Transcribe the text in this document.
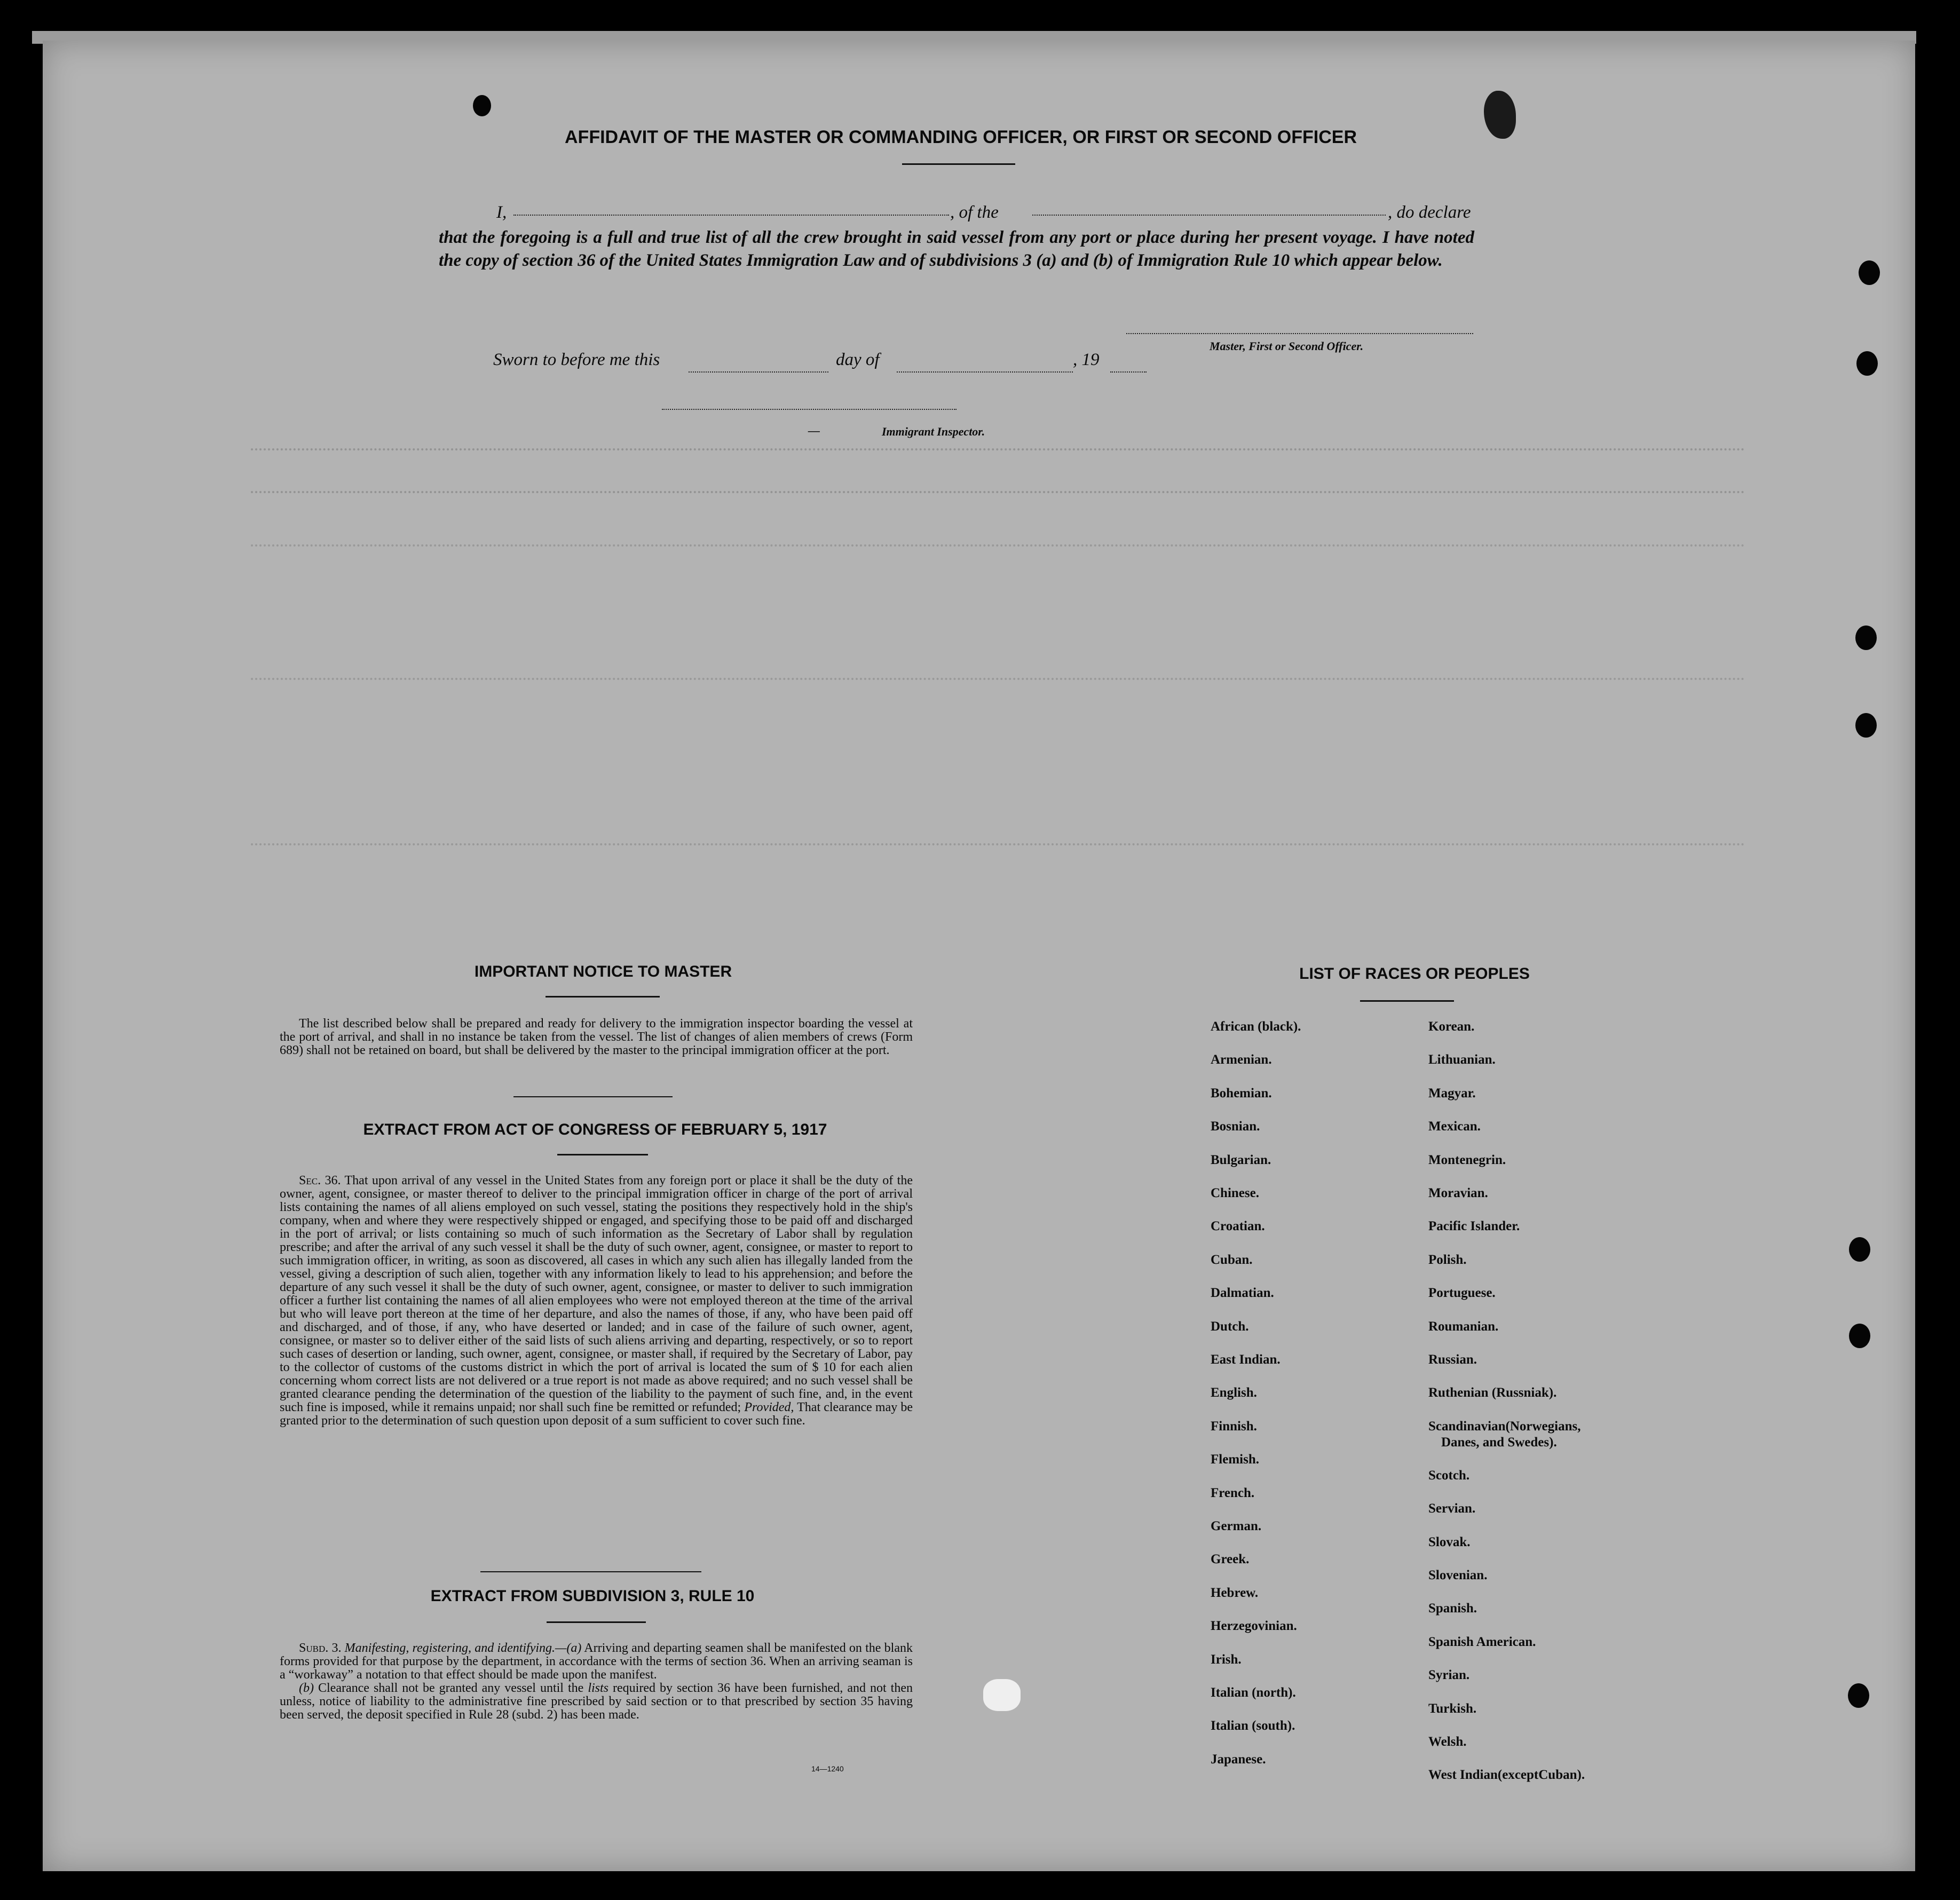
AFFIDAVIT OF THE MASTER OR COMMANDING OFFICER, OR FIRST OR SECOND OFFICER
I,	, of the	, do declare
that the foregoing is a full and true list of all the crew brought in said vessel from any port or place during her present voyage. I have noted the copy of section 36 of the United States Immigration Law and of subdivisions 3 (a) and (b) of Immigration Rule 10 which appear below.
Master, First or Second Officer.
Sworn to before me this	day of	, 19
—	Immigrant Inspector.
IMPORTANT NOTICE TO MASTER
The list described below shall be prepared and ready for delivery to the immigration inspector boarding the vessel at the port of arrival, and shall in no instance be taken from the vessel. The list of changes of alien members of crews (Form 689) shall not be retained on board, but shall be delivered by the master to the principal immigration officer at the port.
EXTRACT FROM ACT OF CONGRESS OF FEBRUARY 5, 1917

Sec. 36. That upon arrival of any vessel in the United States from any foreign port or place it shall be the duty of the owner, agent, consignee, or master thereof to deliver to the principal immigration officer in charge of the port of arrival lists containing the names of all aliens employed on such vessel, stating the positions they respectively hold in the ship's company, when and where they were respectively shipped or engaged, and specifying those to be paid off and discharged in the port of arrival; or lists containing so much of such information as the Secretary of Labor shall by regulation prescribe; and after the arrival of any such vessel it shall be the duty of such owner, agent, consignee, or master to report to such immigration officer, in writing, as soon as discovered, all cases in which any such alien has illegally landed from the vessel, giving a description of such alien, together with any information likely to lead to his apprehension; and before the departure of any such vessel it shall be the duty of such owner, agent, consignee, or master to deliver to such immigration officer a further list containing the names of all alien employees who were not employed thereon at the time of the arrival but who will leave port thereon at the time of her departure, and also the names of those, if any, who have been paid off and discharged, and of those, if any, who have deserted or landed; and in case of the failure of such owner, agent, consignee, or master so to deliver either of the said lists of such aliens arriving and departing, respectively, or so to report such cases of desertion or landing, such owner, agent, consignee, or master shall, if required by the Secretary of Labor, pay to the collector of customs of the customs district in which the port of arrival is located the sum of $ 10 for each alien concerning whom correct lists are not delivered or a true report is not made as above required; and no such vessel shall be granted clearance pending the determination of the question of the liability to the payment of such fine, and, in the event such fine is imposed, while it remains unpaid; nor shall such fine be remitted or refunded; Provided, That clearance may be granted prior to the determination of such question upon deposit of a sum sufficient to cover such fine.

EXTRACT FROM SUBDIVISION 3, RULE 10

Subd. 3. Manifesting, registering, and identifying.—(a) Arriving and departing seamen shall be manifested on the blank forms provided for that purpose by the department, in accordance with the terms of section 36. When an arriving seaman is a “workaway” a notation to that effect should be made upon the manifest.

(b) Clearance shall not be granted any vessel until the lists required by section 36 have been furnished, and not then unless, notice of liability to the administrative fine prescribed by said section or to that prescribed by section 35 having been served, the deposit specified in Rule 28 (subd. 2) has been made.

14—1240
LIST OF RACES OR PEOPLES
African (black).
Armenian.
Bohemian.
Bosnian.
Bulgarian.
Chinese.
Croatian.
Cuban.
Dalmatian.
Dutch.
East Indian.
English.
Finnish.
Flemish.
French.
German.
Greek.
Hebrew.
Herzegovinian.
Irish.
Italian (north).
Italian (south).
Japanese.
Korean.
Lithuanian.
Magyar.
Mexican.
Montenegrin.
Moravian.
Pacific Islander.
Polish.
Portuguese.
Roumanian.
Russian.
Ruthenian (Russniak).
Scandinavian(Norwegians,
Danes, and Swedes).
Scotch.
Servian.
Slovak.
Slovenian.
Spanish.
Spanish American.
Syrian.
Turkish.
Welsh.
West Indian(exceptCuban).
